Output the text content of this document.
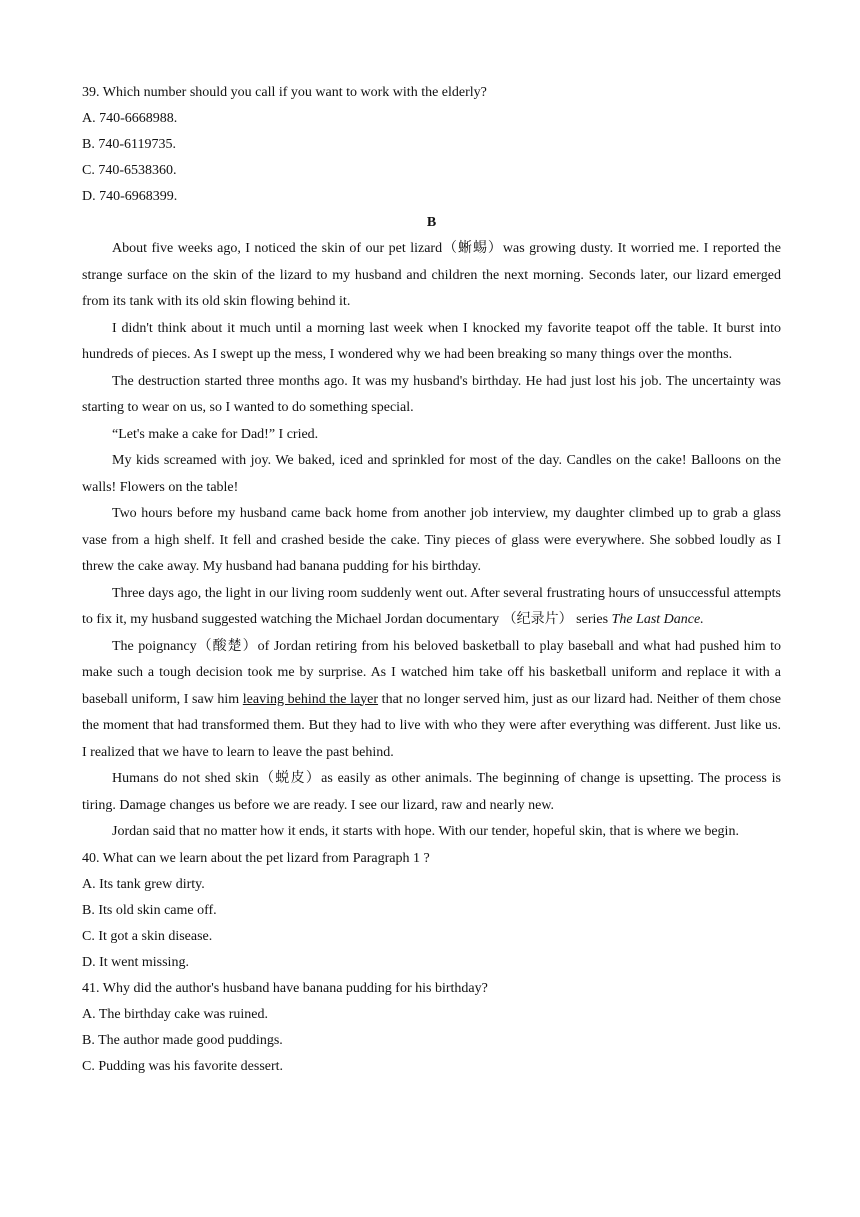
39. Which number should you call if you want to work with the elderly?
A. 740-6668988.
B. 740-6119735.
C. 740-6538360.
D. 740-6968399.
B
About five weeks ago, I noticed the skin of our pet lizard（蜥蜴）was growing dusty. It worried me. I reported the strange surface on the skin of the lizard to my husband and children the next morning. Seconds later, our lizard emerged from its tank with its old skin flowing behind it.
I didn't think about it much until a morning last week when I knocked my favorite teapot off the table. It burst into hundreds of pieces. As I swept up the mess, I wondered why we had been breaking so many things over the months.
The destruction started three months ago. It was my husband's birthday. He had just lost his job. The uncertainty was starting to wear on us, so I wanted to do something special.
“Let's make a cake for Dad!” I cried.
My kids screamed with joy. We baked, iced and sprinkled for most of the day. Candles on the cake! Balloons on the walls! Flowers on the table!
Two hours before my husband came back home from another job interview, my daughter climbed up to grab a glass vase from a high shelf. It fell and crashed beside the cake. Tiny pieces of glass were everywhere. She sobbed loudly as I threw the cake away. My husband had banana pudding for his birthday.
Three days ago, the light in our living room suddenly went out. After several frustrating hours of unsuccessful attempts to fix it, my husband suggested watching the Michael Jordan documentary （纪录片） series The Last Dance.
The poignancy（酸楚）of Jordan retiring from his beloved basketball to play baseball and what had pushed him to make such a tough decision took me by surprise. As I watched him take off his basketball uniform and replace it with a baseball uniform, I saw him leaving behind the layer that no longer served him, just as our lizard had. Neither of them chose the moment that had transformed them. But they had to live with who they were after everything was different. Just like us. I realized that we have to learn to leave the past behind.
Humans do not shed skin（蜕皮）as easily as other animals. The beginning of change is upsetting. The process is tiring. Damage changes us before we are ready. I see our lizard, raw and nearly new.
Jordan said that no matter how it ends, it starts with hope. With our tender, hopeful skin, that is where we begin.
40. What can we learn about the pet lizard from Paragraph 1 ?
A. Its tank grew dirty.
B. Its old skin came off.
C. It got a skin disease.
D. It went missing.
41. Why did the author's husband have banana pudding for his birthday?
A. The birthday cake was ruined.
B. The author made good puddings.
C. Pudding was his favorite dessert.
